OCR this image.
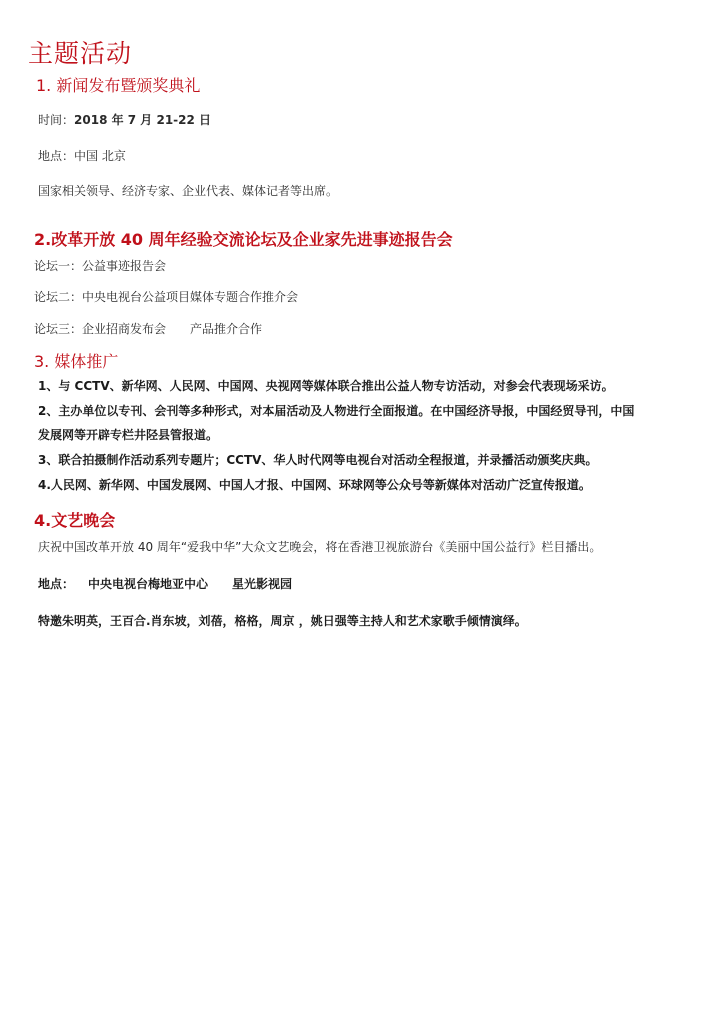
主题活动
1. 新闻发布暨颁奖典礼
时间：2018 年 7 月 21-22 日
地点：中国 北京
国家相关领导、经济专家、企业代表、媒体记者等出席。
2.改革开放 40 周年经验交流论坛及企业家先进事迹报告会
论坛一：公益事迹报告会
论坛二：中央电视台公益项目媒体专题合作推介会
论坛三：企业招商发布会 产品推介合作
3. 媒体推广
1、与 CCTV、新华网、人民网、中国网、央视网等媒体联合推出公益人物专访活动，对参会代表现场采访。
2、主办单位以专刊、会刊等多种形式，对本届活动及人物进行全面报道。在中国经济导报，中国经贸导刊，中国
发展网等开辟专栏井陉县管报道。
3、联合拍摄制作活动系列专题片；CCTV、华人时代网等电视台对活动全程报道，并录播活动颁奖庆典。
4.人民网、新华网、中国发展网、中国人才报、中国网、环球网等公众号等新媒体对活动广泛宣传报道。
4.文艺晚会
庆祝中国改革开放 40 周年“爱我中华”大众文艺晚会，将在香港卫视旅游台《美丽中国公益行》栏目播出。
地点： 中央电视台梅地亚中心 星光影视园
特邀朱明英，王百合.肖东坡，刘蓓，格格，周京 ，姚日强等主持人和艺术家歌手倾情演绎。
